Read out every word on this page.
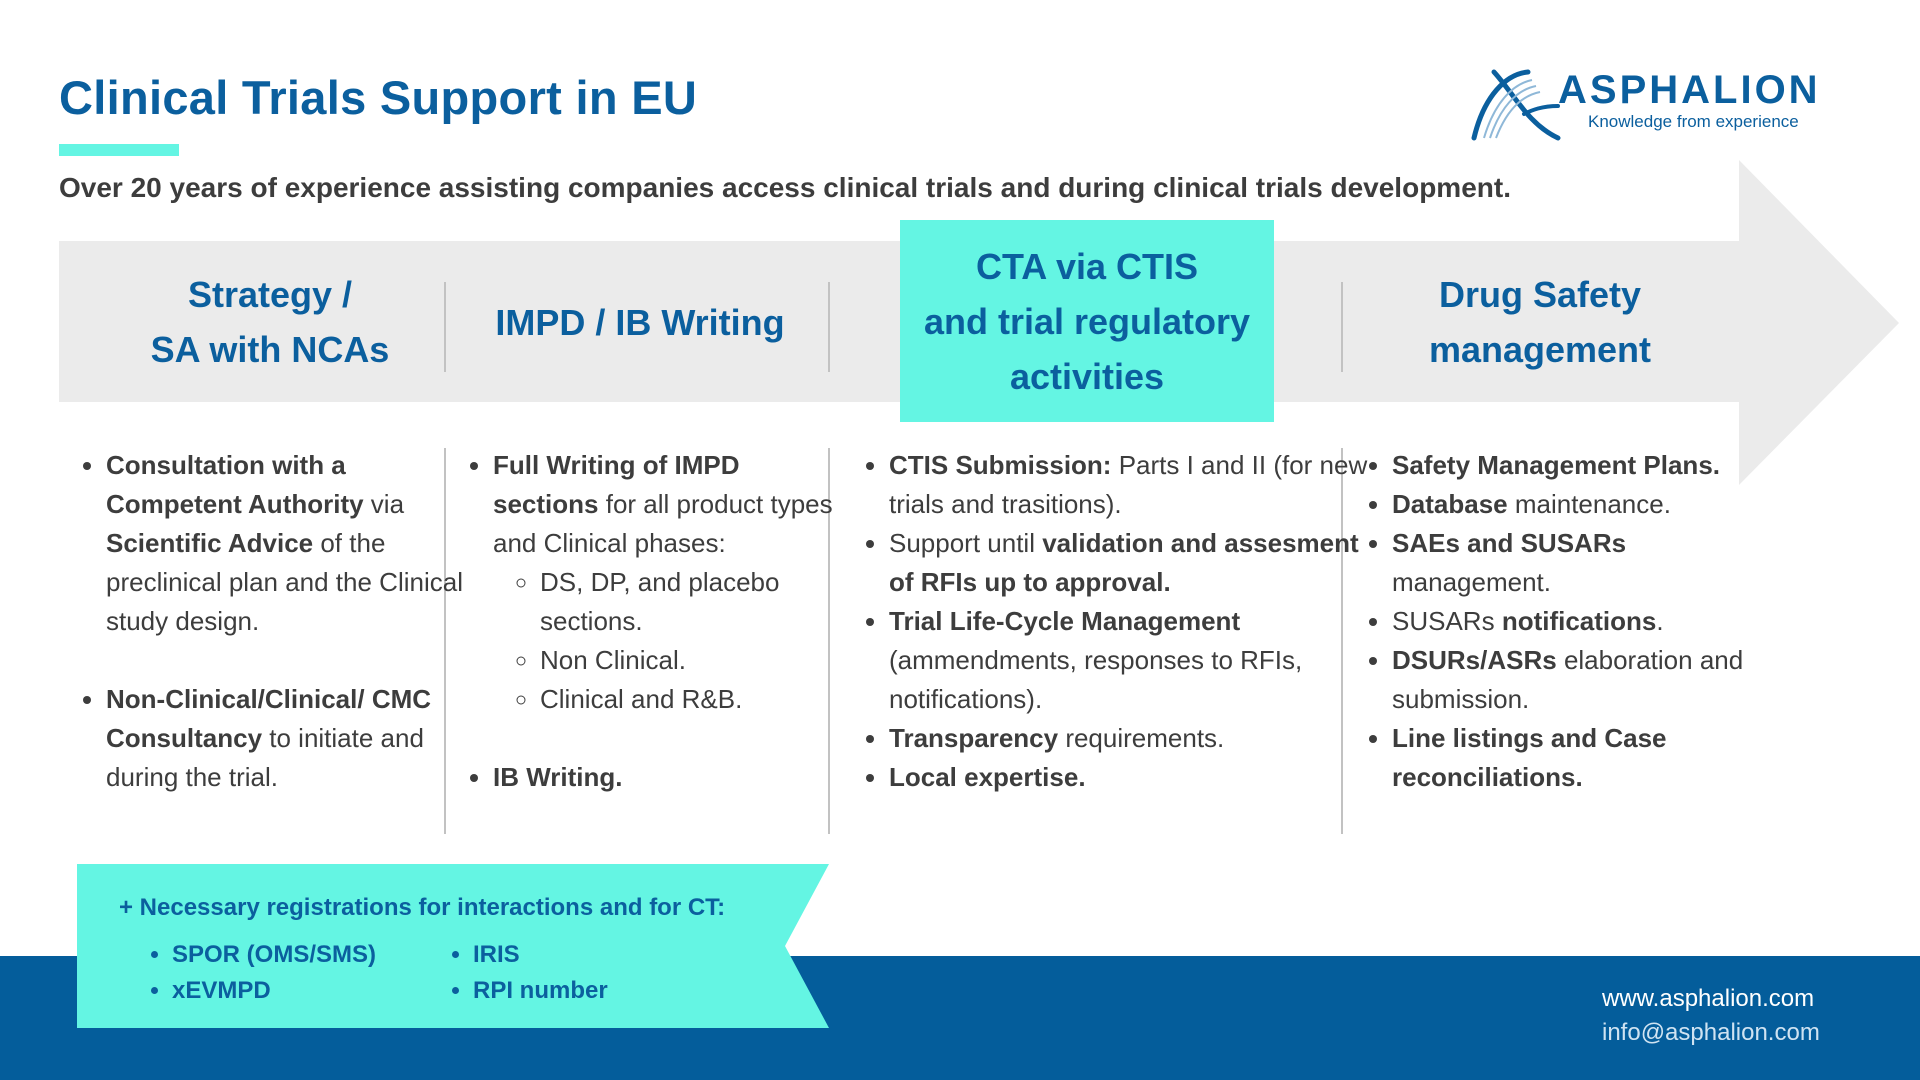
Clinical Trials Support in EU	ASPHALION
Knowledge from experience

Over 20 years of experience assisting companies access clinical trials and during clinical trials development.

Strategy /
SA with NCAs
IMPD / IB Writing
CTA via CTIS
and trial regulatory
activities
Drug Safety
management
• Consultation with a Competent Authority via Scientific Advice of the preclinical plan and the Clinical study design.
• Non-Clinical/Clinical/ CMC Consultancy to initiate and during the trial.
• Full Writing of IMPD sections for all product types and Clinical phases:
◦ DS, DP, and placebo sections.
◦ Non Clinical.
◦ Clinical and R&B.
• IB Writing.
• CTIS Submission: Parts I and II (for new trials and trasitions).
• Support until validation and assesment of RFIs up to approval.
• Trial Life-Cycle Management (ammendments, responses to RFIs, notifications).
• Transparency requirements.
• Local expertise.
• Safety Management Plans.
• Database maintenance.
• SAEs and SUSARs management.
• SUSARs notifications.
• DSURs/ASRs elaboration and submission.
• Line listings and Case reconciliations.
www.asphalion.com
info@asphalion.com
+ Necessary registrations for interactions and for CT:
• SPOR (OMS/SMS)
• xEVMPD
• IRIS
• RPI number
